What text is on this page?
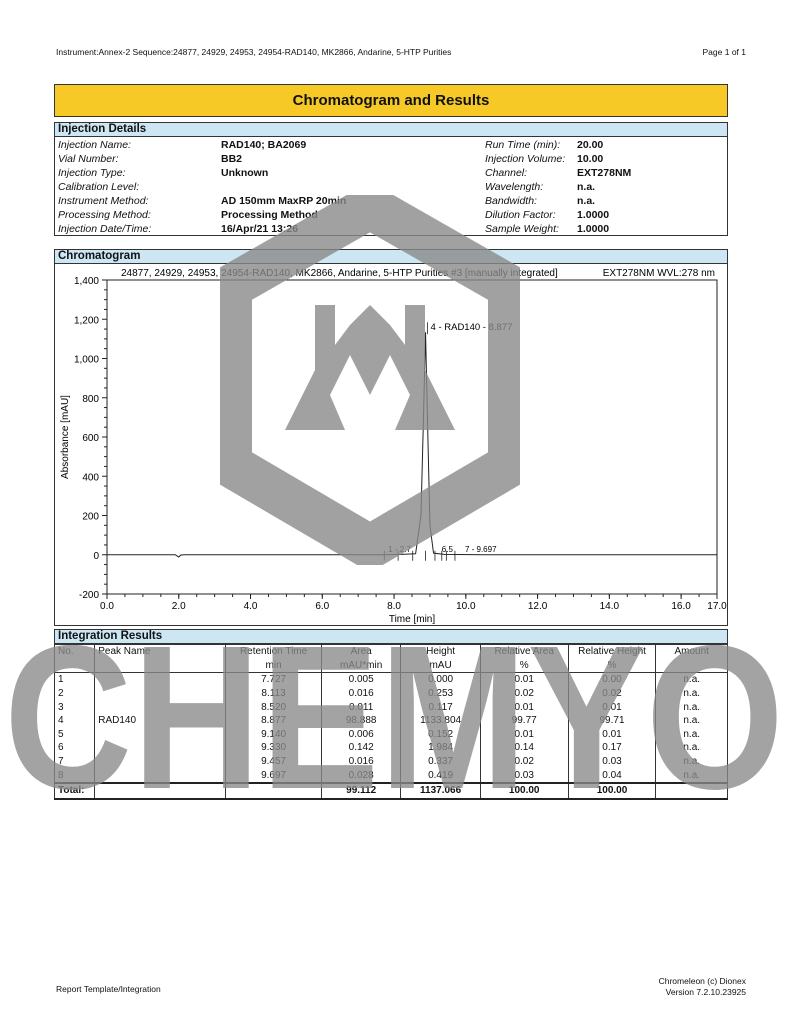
Instrument:Annex-2 Sequence:24877, 24929, 24953, 24954-RAD140, MK2866, Andarine, 5-HTP Purities	Page 1 of 1
Chromatogram and Results
Injection Details
Injection Name:	RAD140; BA2069
Vial Number:	BB2
Injection Type:	Unknown
Calibration Level:
Instrument Method:	AD 150mm MaxRP 20min
Processing Method:	Processing Method
Injection Date/Time:	16/Apr/21 13:26
Run Time (min): 20.00
Injection Volume: 10.00
Channel:	EXT278NM
Wavelength:	n.a.
Bandwidth:	n.a.
Dilution Factor: 1.0000
Sample Weight: 1.0000
Chromatogram
-200
0
200
400
600
800
1,000
1,200
1,400
0.0	2.0	4.0	6.0	8.0	10.0	12.0	14.0	16.0 17.0
Absorbance [mAU]
Time [min]
24877, 24929, 24953, 24954-RAD140, MK2866, Andarine, 5-HTP Purities #3 [manually integrated]	EXT278NM WVL:278 nm
4 - RAD140 - 8.877
1 - 2.7	6.5 7 - 9.697
Integration Results
No.	Peak Name	Retention Time	Area	Height	Relative Area	Relative Height	Amount
		min	mAU*min	mAU	%	%	
1		7.727	0.005	0.000	0.01	0.00	n.a.
2		8.113	0.016	0.253	0.02	0.02	n.a.
3		8.520	0.011	0.117	0.01	0.01	n.a.
4	RAD140	8.877	98.888	1133.804	99.77	99.71	n.a.
5		9.140	0.006	0.152	0.01	0.01	n.a.
6		9.330	0.142	1.984	0.14	0.17	n.a.
7		9.457	0.016	0.337	0.02	0.03	n.a.
8		9.697	0.028	0.419	0.03	0.04	n.a.
Total:			99.112	1137.066	100.00	100.00	
CHEMYO
Report Template/Integration
Chromeleon (c) Dionex
Version 7.2.10.23925
